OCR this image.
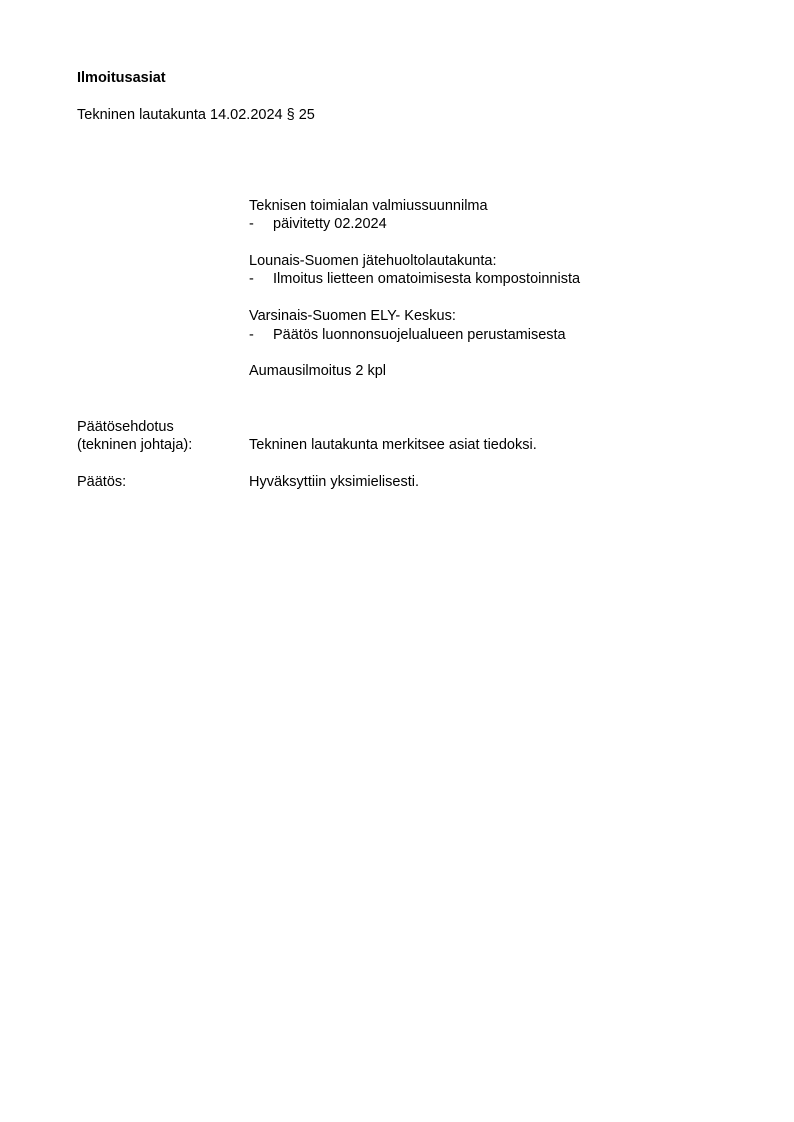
Ilmoitusasiat
Tekninen lautakunta 14.02.2024 § 25
Teknisen toimialan valmiussuunnilma
- päivitetty 02.2024
Lounais-Suomen jätehuoltolautakunta:
- Ilmoitus lietteen omatoimisesta kompostoinnista
Varsinais-Suomen ELY- Keskus:
- Päätös luonnonsuojelualueen perustamisesta
Aumausilmoitus 2 kpl
Päätösehdotus
(tekninen johtaja):	Tekninen lautakunta merkitsee asiat tiedoksi.
Päätös:	Hyväksyttiin yksimielisesti.
